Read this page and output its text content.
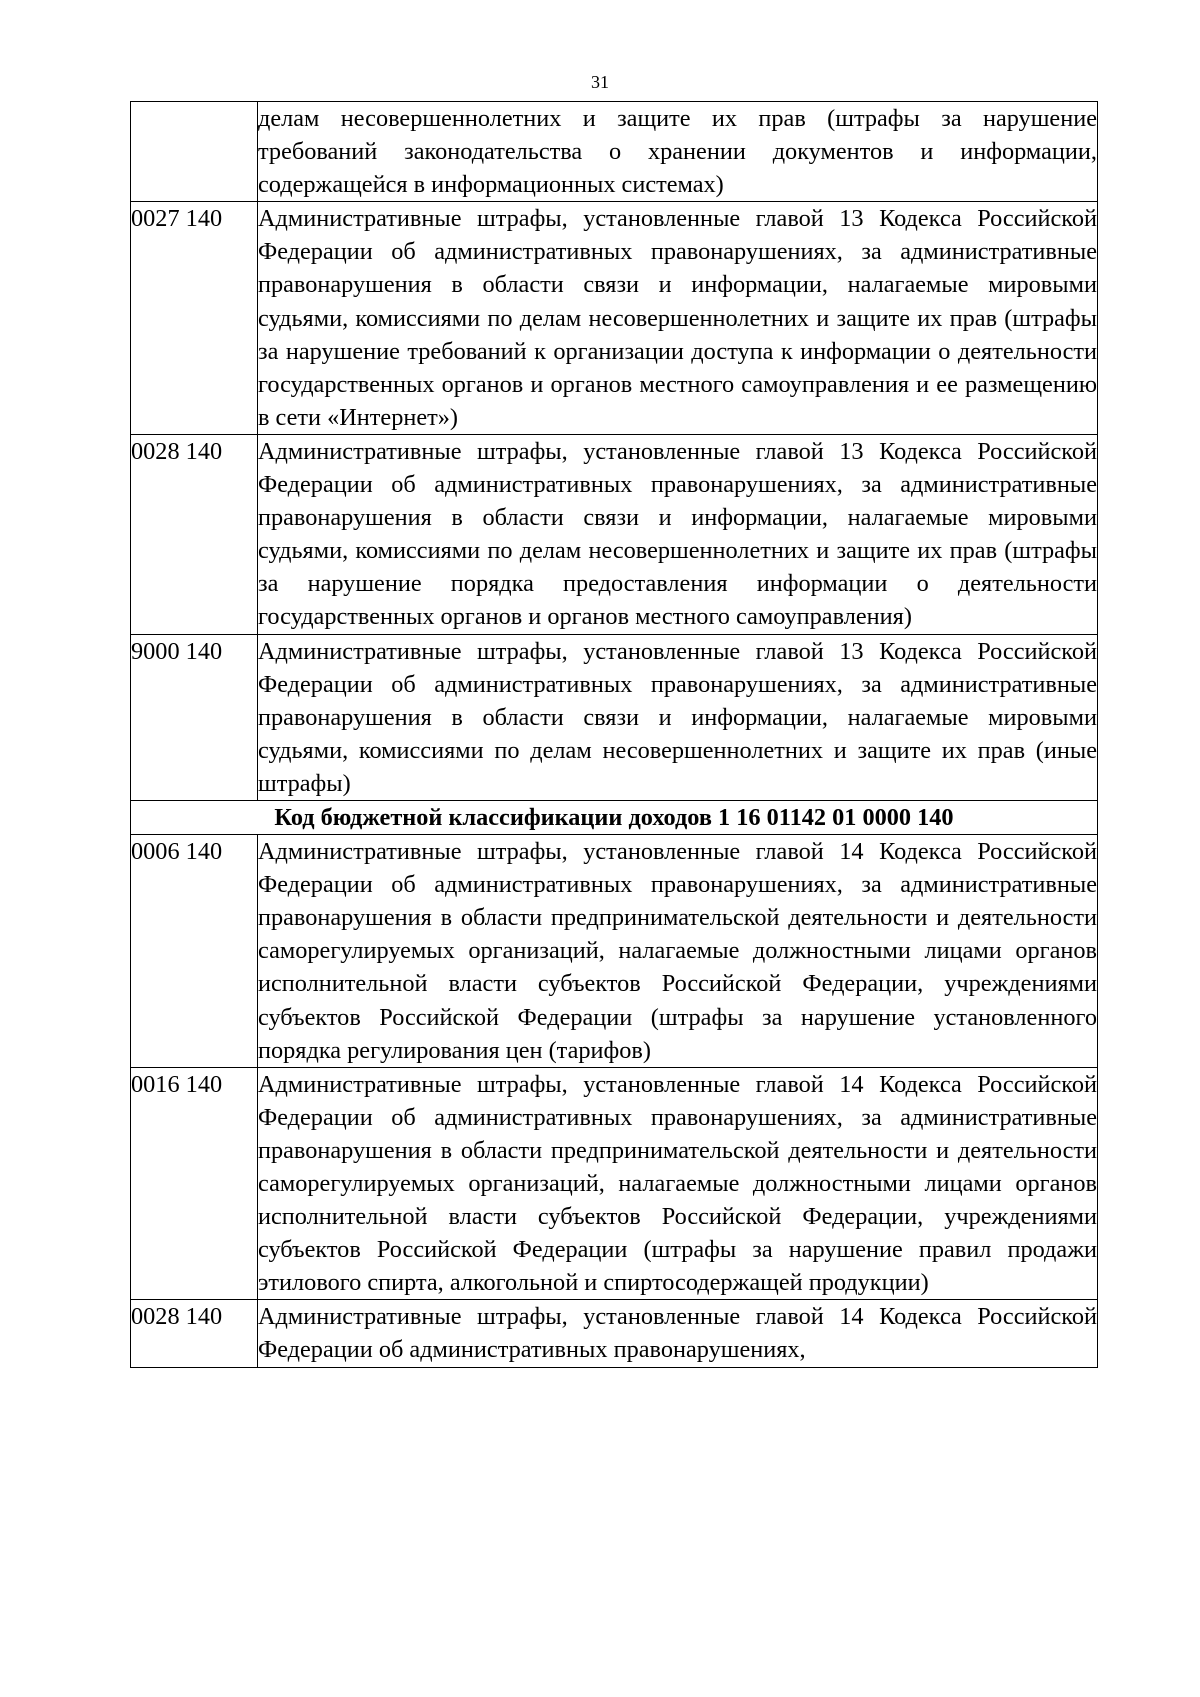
31
	делам несовершеннолетних и защите их прав (штрафы за нарушение требований законодательства о хранении документов и информации, содержащейся в информационных системах)
0027 140	Административные штрафы, установленные главой 13 Кодекса Российской Федерации об административных правонарушениях, за административные правонарушения в области связи и информации, налагаемые мировыми судьями, комиссиями по делам несовершеннолетних и защите их прав (штрафы за нарушение требований к организации доступа к информации о деятельности государственных органов и органов местного самоуправления и ее размещению в сети «Интернет»)
0028 140	Административные штрафы, установленные главой 13 Кодекса Российской Федерации об административных правонарушениях, за административные правонарушения в области связи и информации, налагаемые мировыми судьями, комиссиями по делам несовершеннолетних и защите их прав (штрафы за нарушение порядка предоставления информации о деятельности государственных органов и органов местного самоуправления)
9000 140	Административные штрафы, установленные главой 13 Кодекса Российской Федерации об административных правонарушениях, за административные правонарушения в области связи и информации, налагаемые мировыми судьями, комиссиями по делам несовершеннолетних и защите их прав (иные штрафы)
Код бюджетной классификации доходов 1 16 01142 01 0000 140	
0006 140	Административные штрафы, установленные главой 14 Кодекса Российской Федерации об административных правонарушениях, за административные правонарушения в области предпринимательской деятельности и деятельности саморегулируемых организаций, налагаемые должностными лицами органов исполнительной власти субъектов Российской Федерации, учреждениями субъектов Российской Федерации (штрафы за нарушение установленного порядка регулирования цен (тарифов)
0016 140	Административные штрафы, установленные главой 14 Кодекса Российской Федерации об административных правонарушениях, за административные правонарушения в области предпринимательской деятельности и деятельности саморегулируемых организаций, налагаемые должностными лицами органов исполнительной власти субъектов Российской Федерации, учреждениями субъектов Российской Федерации (штрафы за нарушение правил продажи этилового спирта, алкогольной и спиртосодержащей продукции)
0028 140	Административные штрафы, установленные главой 14 Кодекса Российской Федерации об административных правонарушениях,
